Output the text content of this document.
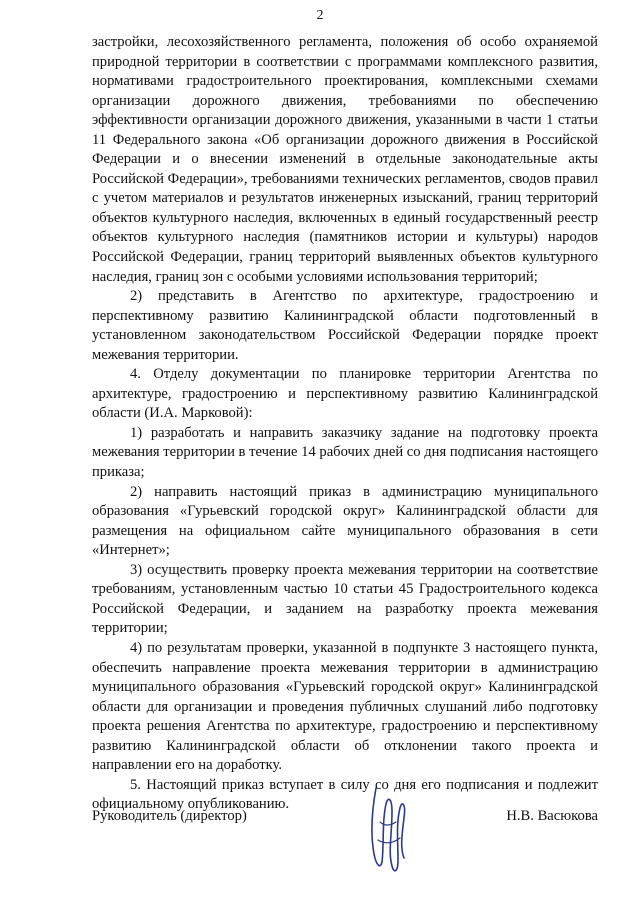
2

застройки, лесохозяйственного регламента, положения об особо охраняемой природной территории в соответствии с программами комплексного развития, нормативами градостроительного проектирования, комплексными схемами организации дорожного движения, требованиями по обеспечению эффективности организации дорожного движения, указанными в части 1 статьи 11 Федерального закона «Об организации дорожного движения в Российской Федерации и о внесении изменений в отдельные законодательные акты Российской Федерации», требованиями технических регламентов, сводов правил с учетом материалов и результатов инженерных изысканий, границ территорий объектов культурного наследия, включенных в единый государственный реестр объектов культурного наследия (памятников истории и культуры) народов Российской Федерации, границ территорий выявленных объектов культурного наследия, границ зон с особыми условиями использования территорий;

2) представить в Агентство по архитектуре, градостроению и перспективному развитию Калининградской области подготовленный в установленном законодательством Российской Федерации порядке проект межевания территории.

4. Отделу документации по планировке территории Агентства по архитектуре, градостроению и перспективному развитию Калининградской области (И.А. Марковой):

1) разработать и направить заказчику задание на подготовку проекта межевания территории в течение 14 рабочих дней со дня подписания настоящего приказа;

2) направить настоящий приказ в администрацию муниципального образования «Гурьевский городской округ» Калининградской области для размещения на официальном сайте муниципального образования в сети «Интернет»;

3) осуществить проверку проекта межевания территории на соответствие требованиям, установленным частью 10 статьи 45 Градостроительного кодекса Российской Федерации, и заданием на разработку проекта межевания территории;

4) по результатам проверки, указанной в подпункте 3 настоящего пункта, обеспечить направление проекта межевания территории в администрацию муниципального образования «Гурьевский городской округ» Калининградской области для организации и проведения публичных слушаний либо подготовку проекта решения Агентства по архитектуре, градостроению и перспективному развитию Калининградской области об отклонении такого проекта и направлении его на доработку.

5. Настоящий приказ вступает в силу со дня его подписания и подлежит официальному опубликованию.

Руководитель (директор)	Н.В. Васюкова
